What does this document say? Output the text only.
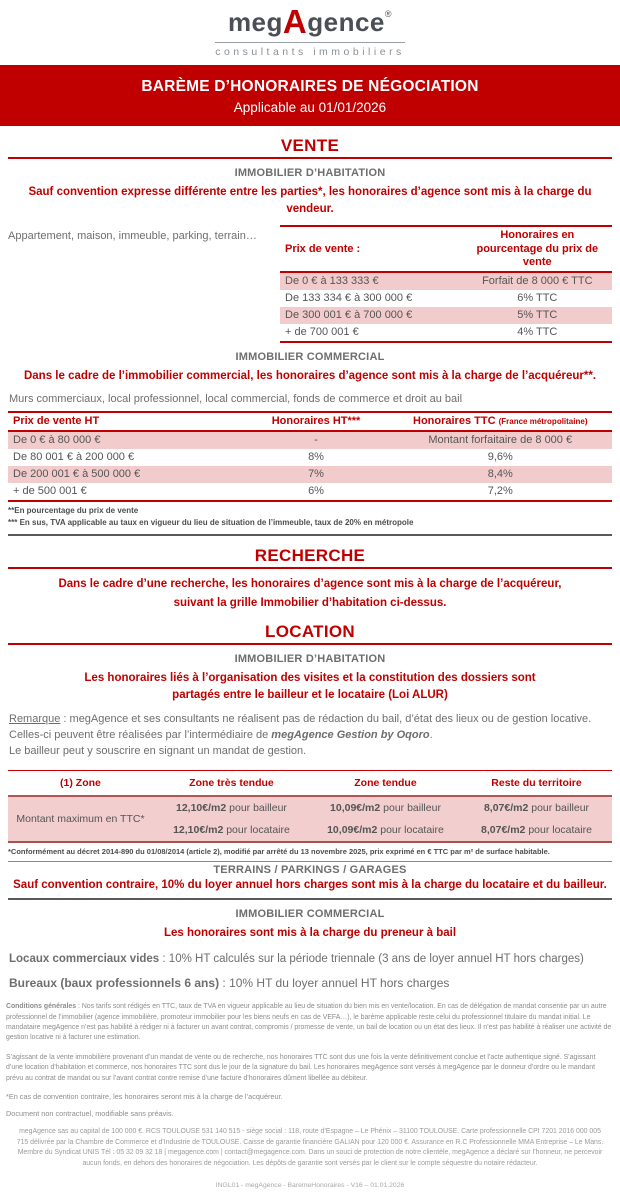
megAgence®
consultants immobiliers
BARÈME D’HONORAIRES DE NÉGOCIATION
Applicable au 01/01/2026
VENTE
IMMOBILIER D’HABITATION
Sauf convention expresse différente entre les parties*, les honoraires d’agence sont mis à la charge du vendeur.
Appartement, maison, immeuble, parking, terrain…
Prix de vente :	Honoraires en pourcentage du prix de vente
De 0 € à 133 333 €	Forfait de 8 000 € TTC
De 133 334 € à 300 000 €	6% TTC
De 300 001 € à 700 000 €	5% TTC
+ de 700 001 €	4% TTC
IMMOBILIER COMMERCIAL
Dans le cadre de l’immobilier commercial, les honoraires d’agence sont mis à la charge de l’acquéreur**.
Murs commerciaux, local professionnel, local commercial, fonds de commerce et droit au bail
Prix de vente HT	Honoraires HT***	Honoraires TTC (France métropolitaine)
De 0 € à 80 000 €	-	Montant forfaitaire de 8 000 €
De 80 001 € à 200 000 €	8%	9,6%
De 200 001 € à 500 000 €	7%	8,4%
+ de 500 001 €	6%	7,2%
**En pourcentage du prix de vente
*** En sus, TVA applicable au taux en vigueur du lieu de situation de l’immeuble, taux de 20% en métropole
RECHERCHE
Dans le cadre d’une recherche, les honoraires d’agence sont mis à la charge de l’acquéreur,
suivant la grille Immobilier d’habitation ci-dessus.
LOCATION
IMMOBILIER D’HABITATION
Les honoraires liés à l’organisation des visites et la constitution des dossiers sont
partagés entre le bailleur et le locataire (Loi ALUR)

Remarque : megAgence et ses consultants ne réalisent pas de rédaction du bail, d’état des lieux ou de gestion locative. Celles-ci peuvent être réalisées par l’intermédiaire de megAgence Gestion by Oqoro.
Le bailleur peut y souscrire en signant un mandat de gestion.

(1) Zone	Zone très tendue	Zone tendue	Reste du territoire
Montant maximum en TTC*	12,10€/m2 pour bailleur	10,09€/m2 pour bailleur	8,07€/m2 pour bailleur
	12,10€/m2 pour locataire	10,09€/m2 pour locataire	8,07€/m2 pour locataire
*Conformément au décret 2014-890 du 01/08/2014 (article 2), modifié par arrêté du 13 novembre 2025, prix exprimé en € TTC par m² de surface habitable.
TERRAINS / PARKINGS / GARAGES
Sauf convention contraire, 10% du loyer annuel hors charges sont mis à la charge du locataire et du bailleur.
IMMOBILIER COMMERCIAL
Les honoraires sont mis à la charge du preneur à bail

Locaux commerciaux vides : 10% HT calculés sur la période triennale (3 ans de loyer annuel HT hors charges)

Bureaux (baux professionnels 6 ans) : 10% HT du loyer annuel HT hors charges

Conditions générales : Nos tarifs sont rédigés en TTC, taux de TVA en vigueur applicable au lieu de situation du bien mis en vente/location. En cas de délégation de mandat consentie par un autre professionnel de l’immobilier (agence immobilière, promoteur immobilier pour les biens neufs en cas de VEFA…), le barème applicable reste celui du professionnel titulaire du mandat initial. Le mandataire megAgence n’est pas habilité à rédiger ni à facturer un avant contrat, compromis / promesse de vente, un bail de location ou un état des lieux. Il n’est pas habilité à réaliser une activité de gestion locative ni à facturer une estimation.

S’agissant de la vente immobilière provenant d’un mandat de vente ou de recherche, nos honoraires TTC sont dus une fois la vente définitivement conclue et l’acte authentique signé. S’agissant d’une location d’habitation et commerce, nos honoraires TTC sont dus le jour de la signature du bail. Les honoraires megAgence sont versés à megAgence par le donneur d’ordre ou le mandant prévu au contrat de mandat ou sur l’avant contrat contre remise d’une facture d’honoraires dûment libellée au débiteur.

*En cas de convention contraire, les honoraires seront mis à la charge de l’acquéreur.

Document non contractuel, modifiable sans préavis.

megAgence sas au capital de 100 000 €. RCS TOULOUSE 531 140 515 - siège social : 118, route d’Espagne – Le Phénix – 31100 TOULOUSE. Carte professionnelle CPI 7201 2016 000 005 715 délivrée par la Chambre de Commerce et d’Industrie de TOULOUSE. Caisse de garantie financière GALIAN pour 120 000 €. Assurance en R.C Professionnelle MMA Entreprise – Le Mans. Membre du Syndicat UNIS Tél : 05 32 09 32 18 | megagence.com | contact@megagence.com. Dans un souci de protection de notre clientèle, megAgence a déclaré sur l’honneur, ne percevoir aucun fonds, en dehors des honoraires de négociation. Les dépôts de garantie sont versés par le client sur le compte séquestre du notaire rédacteur.

INGL01 - megAgence - BaremeHonoraires - V16 – 01.01.2026
